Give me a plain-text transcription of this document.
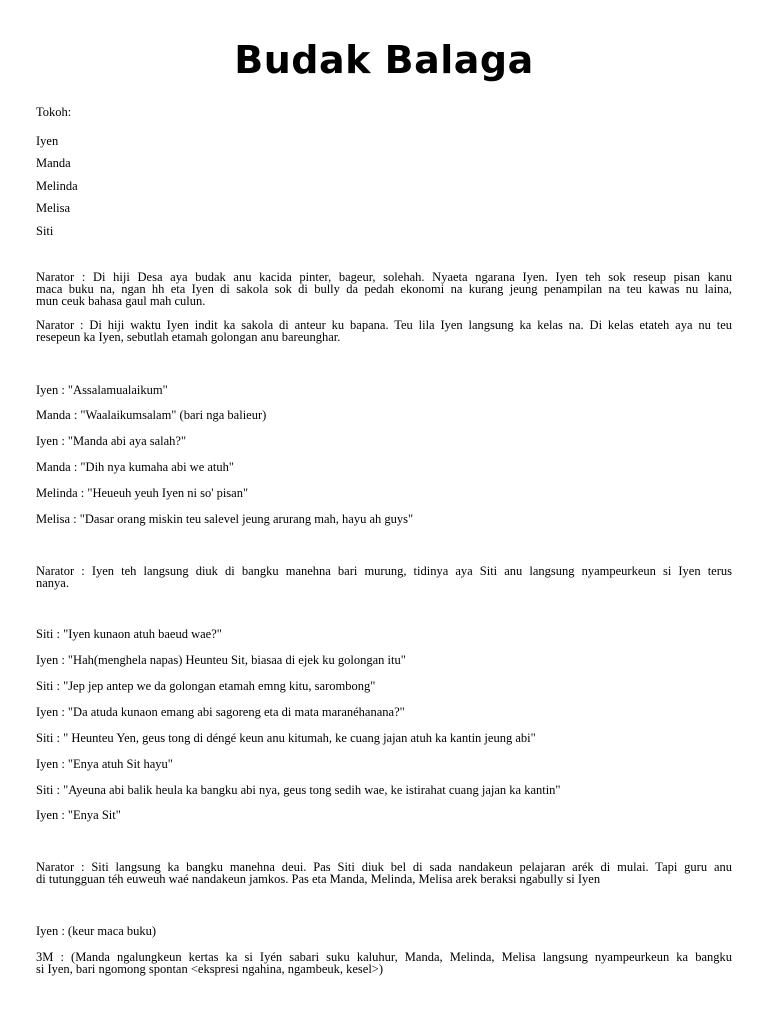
Budak Balaga

Tokoh:

Iyen

Manda

Melinda

Melisa

Siti

Narator : Di hiji Desa aya budak anu kacida pinter, bageur, solehah. Nyaeta ngarana Iyen. Iyen teh sok reseup pisan kanu
maca buku na, ngan hh eta Iyen di sakola sok di bully da pedah ekonomi na kurang jeung penampilan na teu kawas nu laina,
mun ceuk bahasa gaul mah culun.
Narator : Di hiji waktu Iyen indit ka sakola di anteur ku bapana. Teu lila Iyen langsung ka kelas na. Di kelas etateh aya nu teu
resepeun ka Iyen, sebutlah etamah golongan anu bareunghar.

Iyen : "Assalamualaikum"

Manda : "Waalaikumsalam" (bari nga balieur)

Iyen : "Manda abi aya salah?"

Manda : "Dih nya kumaha abi we atuh"

Melinda : "Heueuh yeuh Iyen ni so' pisan"

Melisa : "Dasar orang miskin teu salevel jeung arurang mah, hayu ah guys"

Narator : Iyen teh langsung diuk di bangku manehna bari murung, tidinya aya Siti anu langsung nyampeurkeun si Iyen terus
nanya.

Siti : "Iyen kunaon atuh baeud wae?"

Iyen : "Hah(menghela napas) Heunteu Sit, biasaa di ejek ku golongan itu"

Siti : "Jep jep antep we da golongan etamah emng kitu, sarombong"

Iyen : "Da atuda kunaon emang abi sagoreng eta di mata maranéhanana?"

Siti : " Heunteu Yen, geus tong di déngé keun anu kitumah, ke cuang jajan atuh ka kantin jeung abi"

Iyen : "Enya atuh Sit hayu"

Siti : "Ayeuna abi balik heula ka bangku abi nya, geus tong sedih wae, ke istirahat cuang jajan ka kantin"

Iyen : "Enya Sit"

Narator : Siti langsung ka bangku manehna deui. Pas Siti diuk bel di sada nandakeun pelajaran arék di mulai. Tapi guru anu
di tutungguan téh euweuh waé nandakeun jamkos. Pas eta Manda, Melinda, Melisa arek beraksi ngabully si Iyen

Iyen : (keur maca buku)

3M : (Manda ngalungkeun kertas ka si Iyén sabari suku kaluhur, Manda, Melinda, Melisa langsung nyampeurkeun ka bangku
si Iyen, bari ngomong spontan <ekspresi ngahina, ngambeuk, kesel>)
